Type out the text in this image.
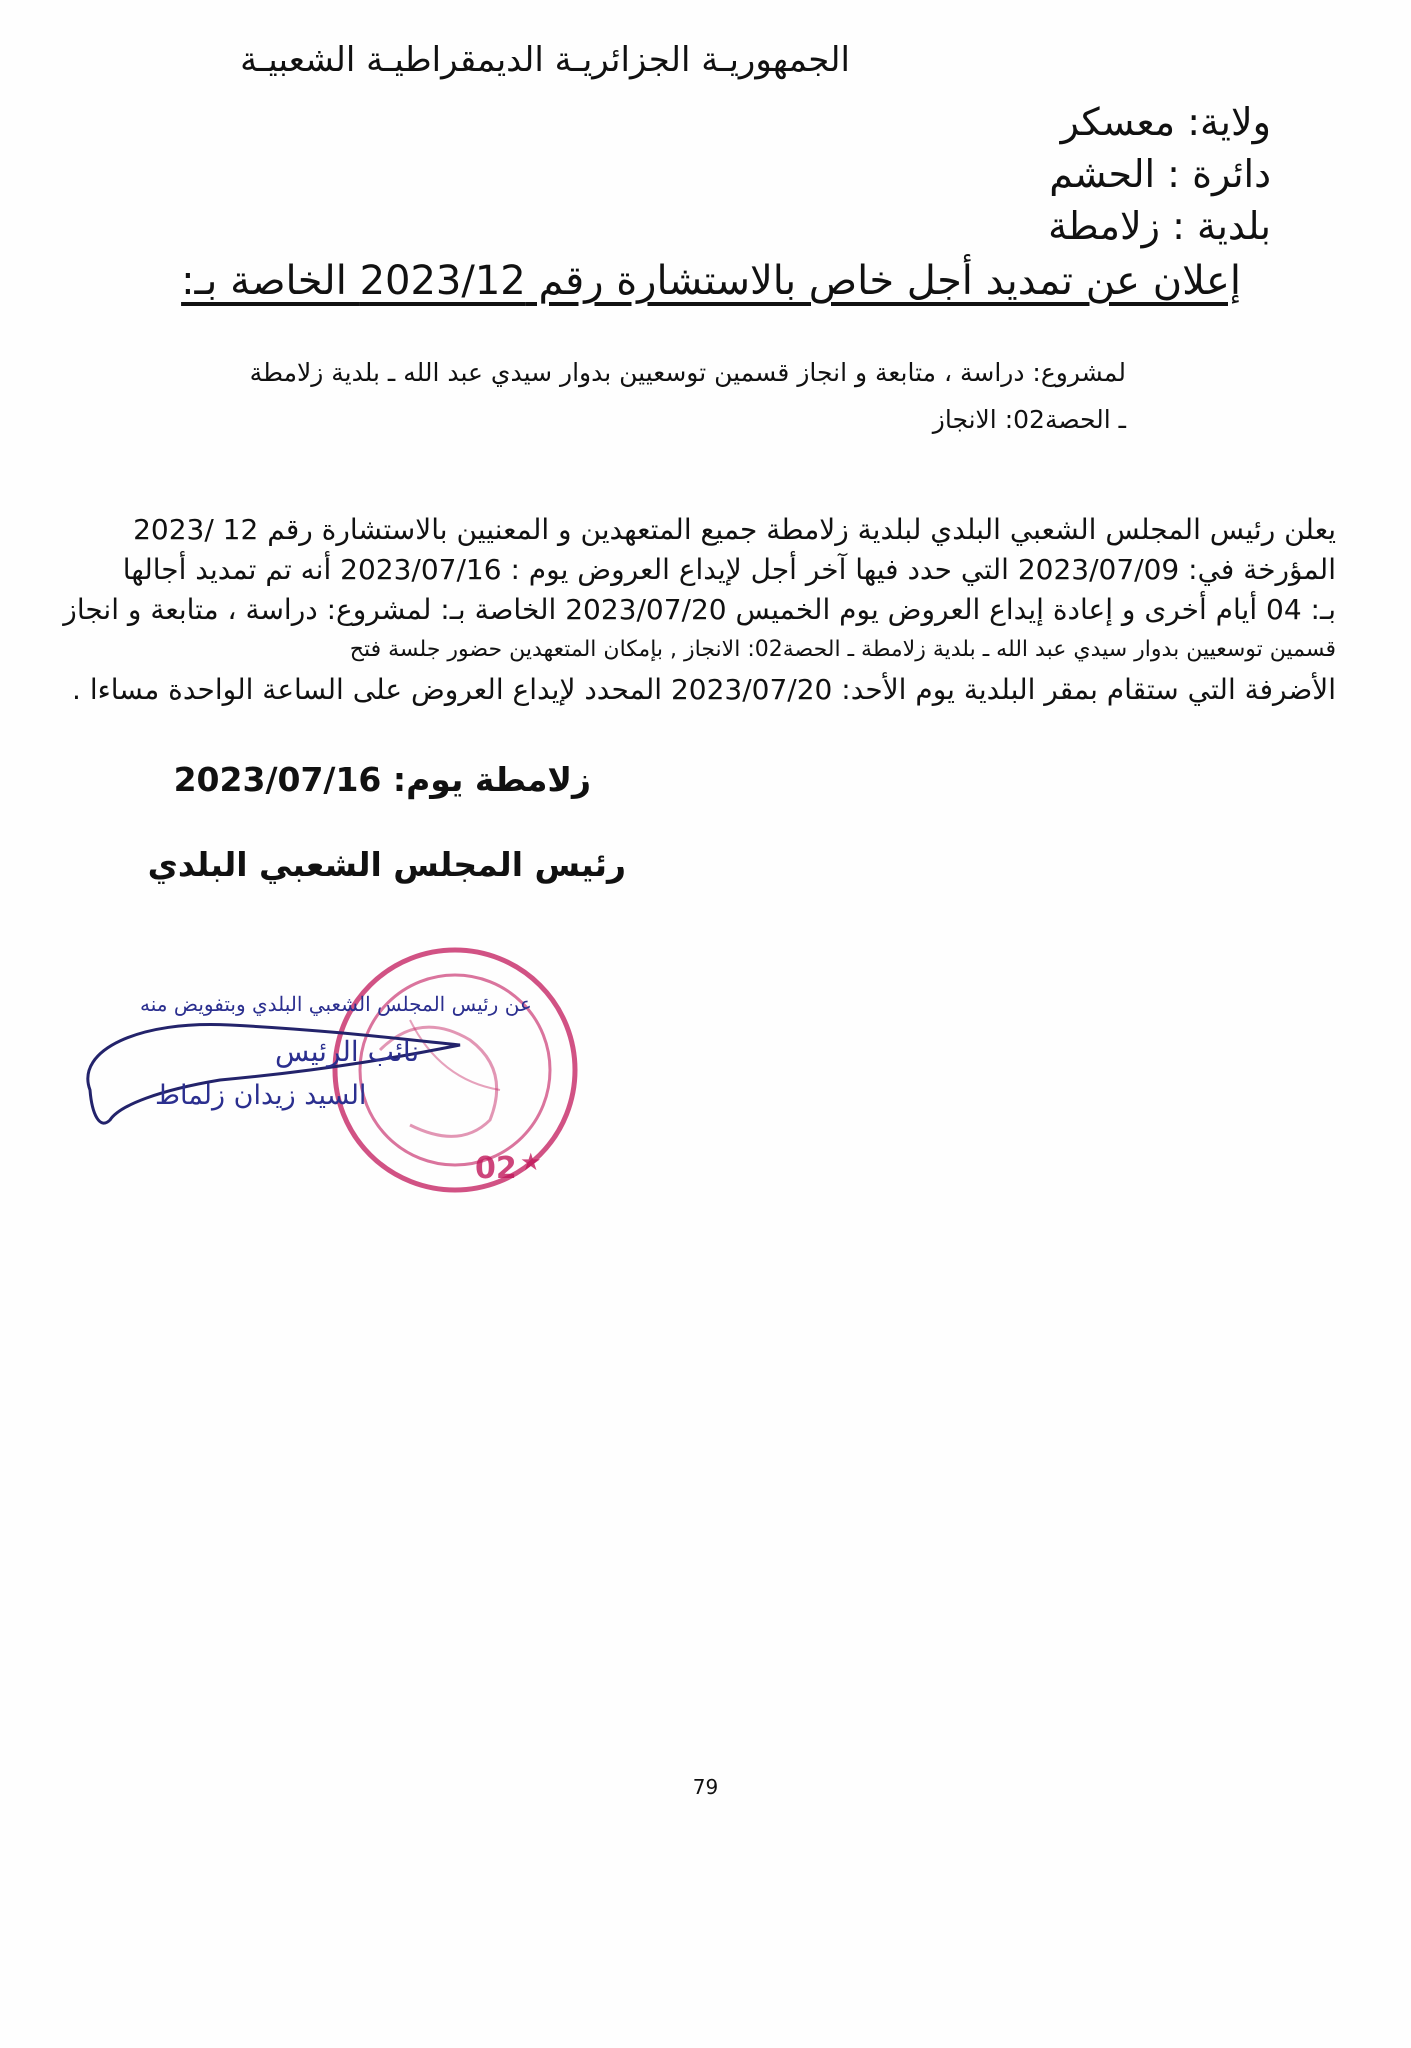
الجمهوريـة الجزائريـة الديمقراطيـة الشعبيـة
ولاية: معسكر
دائرة : الحشم
بلدية : زلامطة
إعلان عن تمديد أجل خاص بالاستشارة رقم 2023/12 الخاصة بـ:
لمشروع: دراسة ، متابعة و انجاز قسمين توسعيين بدوار سيدي عبد الله ـ بلدية زلامطة
ـ الحصة02: الانجاز

يعلن رئيس المجلس الشعبي البلدي لبلدية زلامطة جميع المتعهدين و المعنيين بالاستشارة رقم 12 /2023

المؤرخة في: 2023/07/09 التي حدد فيها آخر أجل لإيداع العروض يوم : 2023/07/16 أنه تم تمديد أجالها

بـ: 04 أيام أخرى و إعادة إيداع العروض يوم الخميس 2023/07/20 الخاصة بـ: لمشروع: دراسة ، متابعة و انجاز

قسمين توسعيين بدوار سيدي عبد الله ـ بلدية زلامطة ـ الحصة02: الانجاز , بإمكان المتعهدين حضور جلسة فتح

الأضرفة التي ستقام بمقر البلدية يوم الأحد: 2023/07/20 المحدد لإيداع العروض على الساعة الواحدة مساءا .

زلامطة يوم: 2023/07/16
رئيس المجلس الشعبي البلدي
02 ★
عن رئيس المجلس الشعبي البلدي وبتفويض منه
نائب الرئيس
السيد زيدان زلماط
79
